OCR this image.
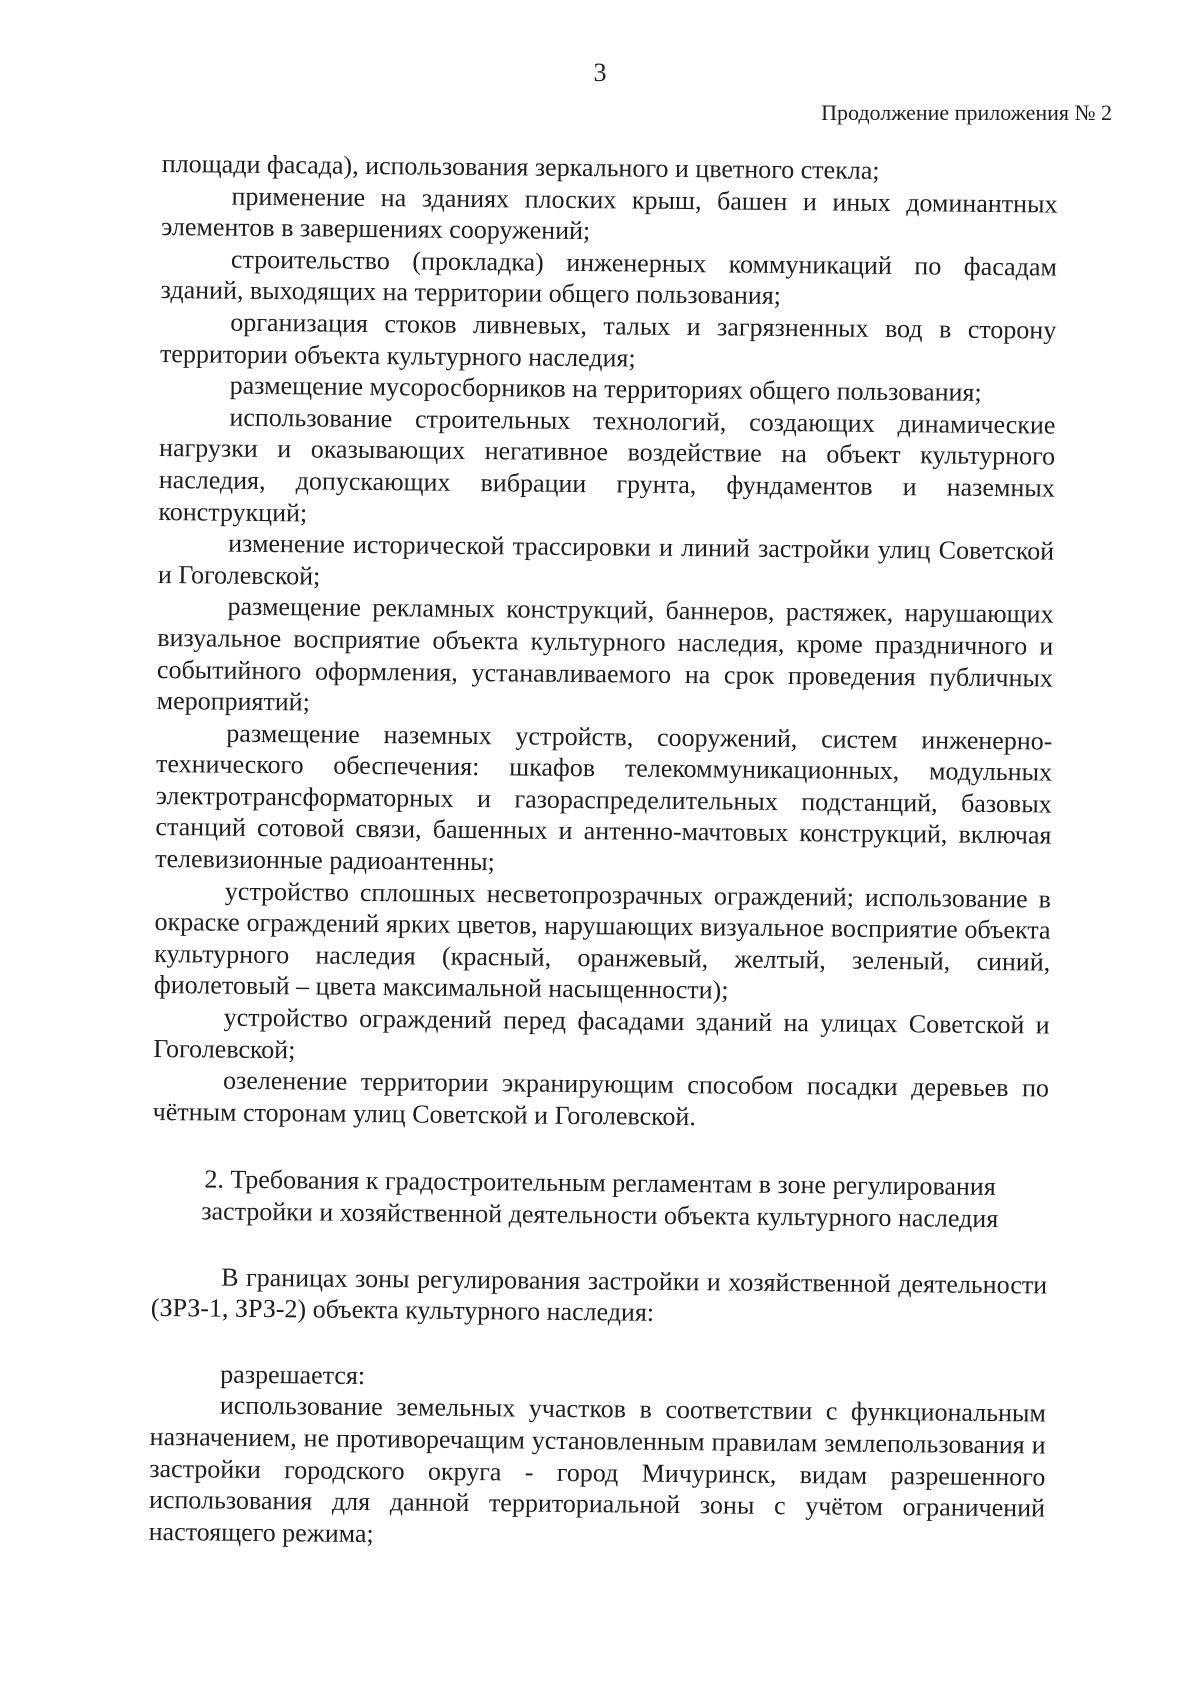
3
Продолжение приложения № 2

площади фасада), использования зеркального и цветного стекла;

применение на зданиях плоских крыш, башен и иных доминантных элементов в завершениях сооружений;

строительство (прокладка) инженерных коммуникаций по фасадам зданий, выходящих на территории общего пользования;

организация стоков ливневых, талых и загрязненных вод в сторону территории объекта культурного наследия;

размещение мусоросборников на территориях общего пользования;

использование строительных технологий, создающих динамические нагрузки и оказывающих негативное воздействие на объект культурного наследия, допускающих вибрации грунта, фундаментов и наземных конструкций;

изменение исторической трассировки и линий застройки улиц Советской и Гоголевской;

размещение рекламных конструкций, баннеров, растяжек, нарушающих визуальное восприятие объекта культурного наследия, кроме праздничного и событийного оформления, устанавливаемого на срок проведения публичных мероприятий;

размещение наземных устройств, сооружений, систем инженерно-технического обеспечения: шкафов телекоммуникационных, модульных электротрансформаторных и газораспределительных подстанций, базовых станций сотовой связи, башенных и антенно-мачтовых конструкций, включая телевизионные радиоантенны;

устройство сплошных несветопрозрачных ограждений; использование в окраске ограждений ярких цветов, нарушающих визуальное восприятие объекта культурного наследия (красный, оранжевый, желтый, зеленый, синий, фиолетовый – цвета максимальной насыщенности);

устройство ограждений перед фасадами зданий на улицах Советской и Гоголевской;

озеленение территории экранирующим способом посадки деревьев по чётным сторонам улиц Советской и Гоголевской.

2. Требования к градостроительным регламентам в зоне регулирования

застройки и хозяйственной деятельности объекта культурного наследия

В границах зоны регулирования застройки и хозяйственной деятельности (ЗРЗ-1, ЗРЗ-2) объекта культурного наследия:

разрешается:

использование земельных участков в соответствии с функциональным назначением, не противоречащим установленным правилам землепользования и застройки городского округа - город Мичуринск, видам разрешенного использования для данной территориальной зоны с учётом ограничений настоящего режима;
